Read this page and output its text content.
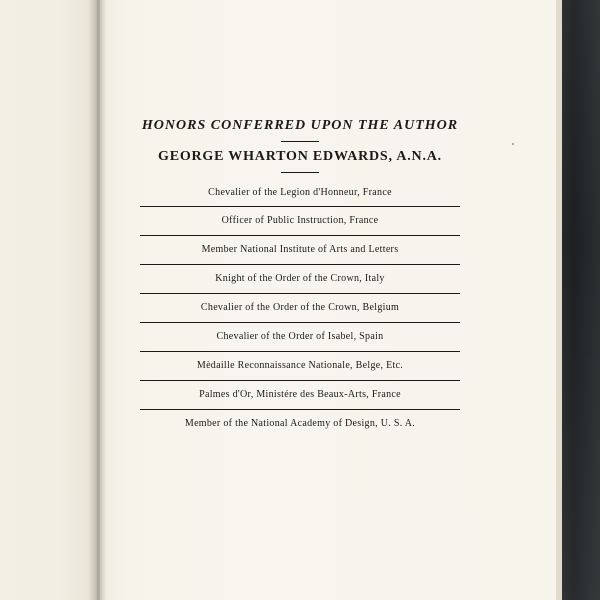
HONORS CONFERRED UPON THE AUTHOR
GEORGE WHARTON EDWARDS, A.N.A.
Chevalier of the Legion d'Honneur, France
Officer of Public Instruction, France
Member National Institute of Arts and Letters
Knight of the Order of the Crown, Italy
Chevalier of the Order of the Crown, Belgium
Chevalier of the Order of Isabel, Spain
Mèdaille Reconnaissance Nationale, Belge, Etc.
Palmes d'Or, Ministére des Beaux-Arts, France
Member of the National Academy of Design, U. S. A.
